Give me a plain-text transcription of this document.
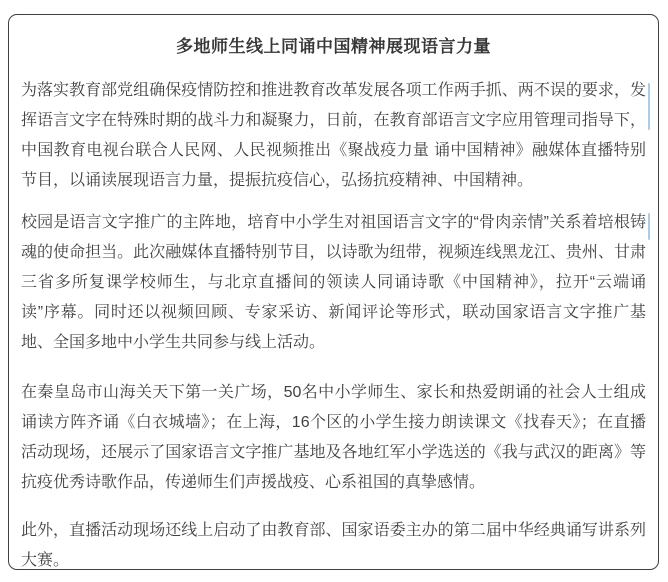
多地师生线上同诵中国精神展现语言力量

为落实教育部党组确保疫情防控和推进教育改革发展各项工作两手抓、两不误的要求，发挥语言文字在特殊时期的战斗力和凝聚力，日前，在教育部语言文字应用管理司指导下，中国教育电视台联合人民网、人民视频推出《聚战疫力量 诵中国精神》融媒体直播特别节目，以诵读展现语言力量，提振抗疫信心，弘扬抗疫精神、中国精神。

校园是语言文字推广的主阵地，培育中小学生对祖国语言文字的“骨肉亲情”关系着培根铸魂的使命担当。此次融媒体直播特别节目，以诗歌为纽带，视频连线黑龙江、贵州、甘肃三省多所复课学校师生，与北京直播间的领读人同诵诗歌《中国精神》，拉开“云端诵读”序幕。同时还以视频回顾、专家采访、新闻评论等形式，联动国家语言文字推广基地、全国多地中小学生共同参与线上活动。

在秦皇岛市山海关天下第一关广场，50名中小学师生、家长和热爱朗诵的社会人士组成诵读方阵齐诵《白衣城墙》；在上海，16个区的小学生接力朗读课文《找春天》；在直播活动现场，还展示了国家语言文字推广基地及各地红军小学选送的《我与武汉的距离》等抗疫优秀诗歌作品，传递师生们声援战疫、心系祖国的真挚感情。

此外，直播活动现场还线上启动了由教育部、国家语委主办的第二届中华经典诵写讲系列大赛。
